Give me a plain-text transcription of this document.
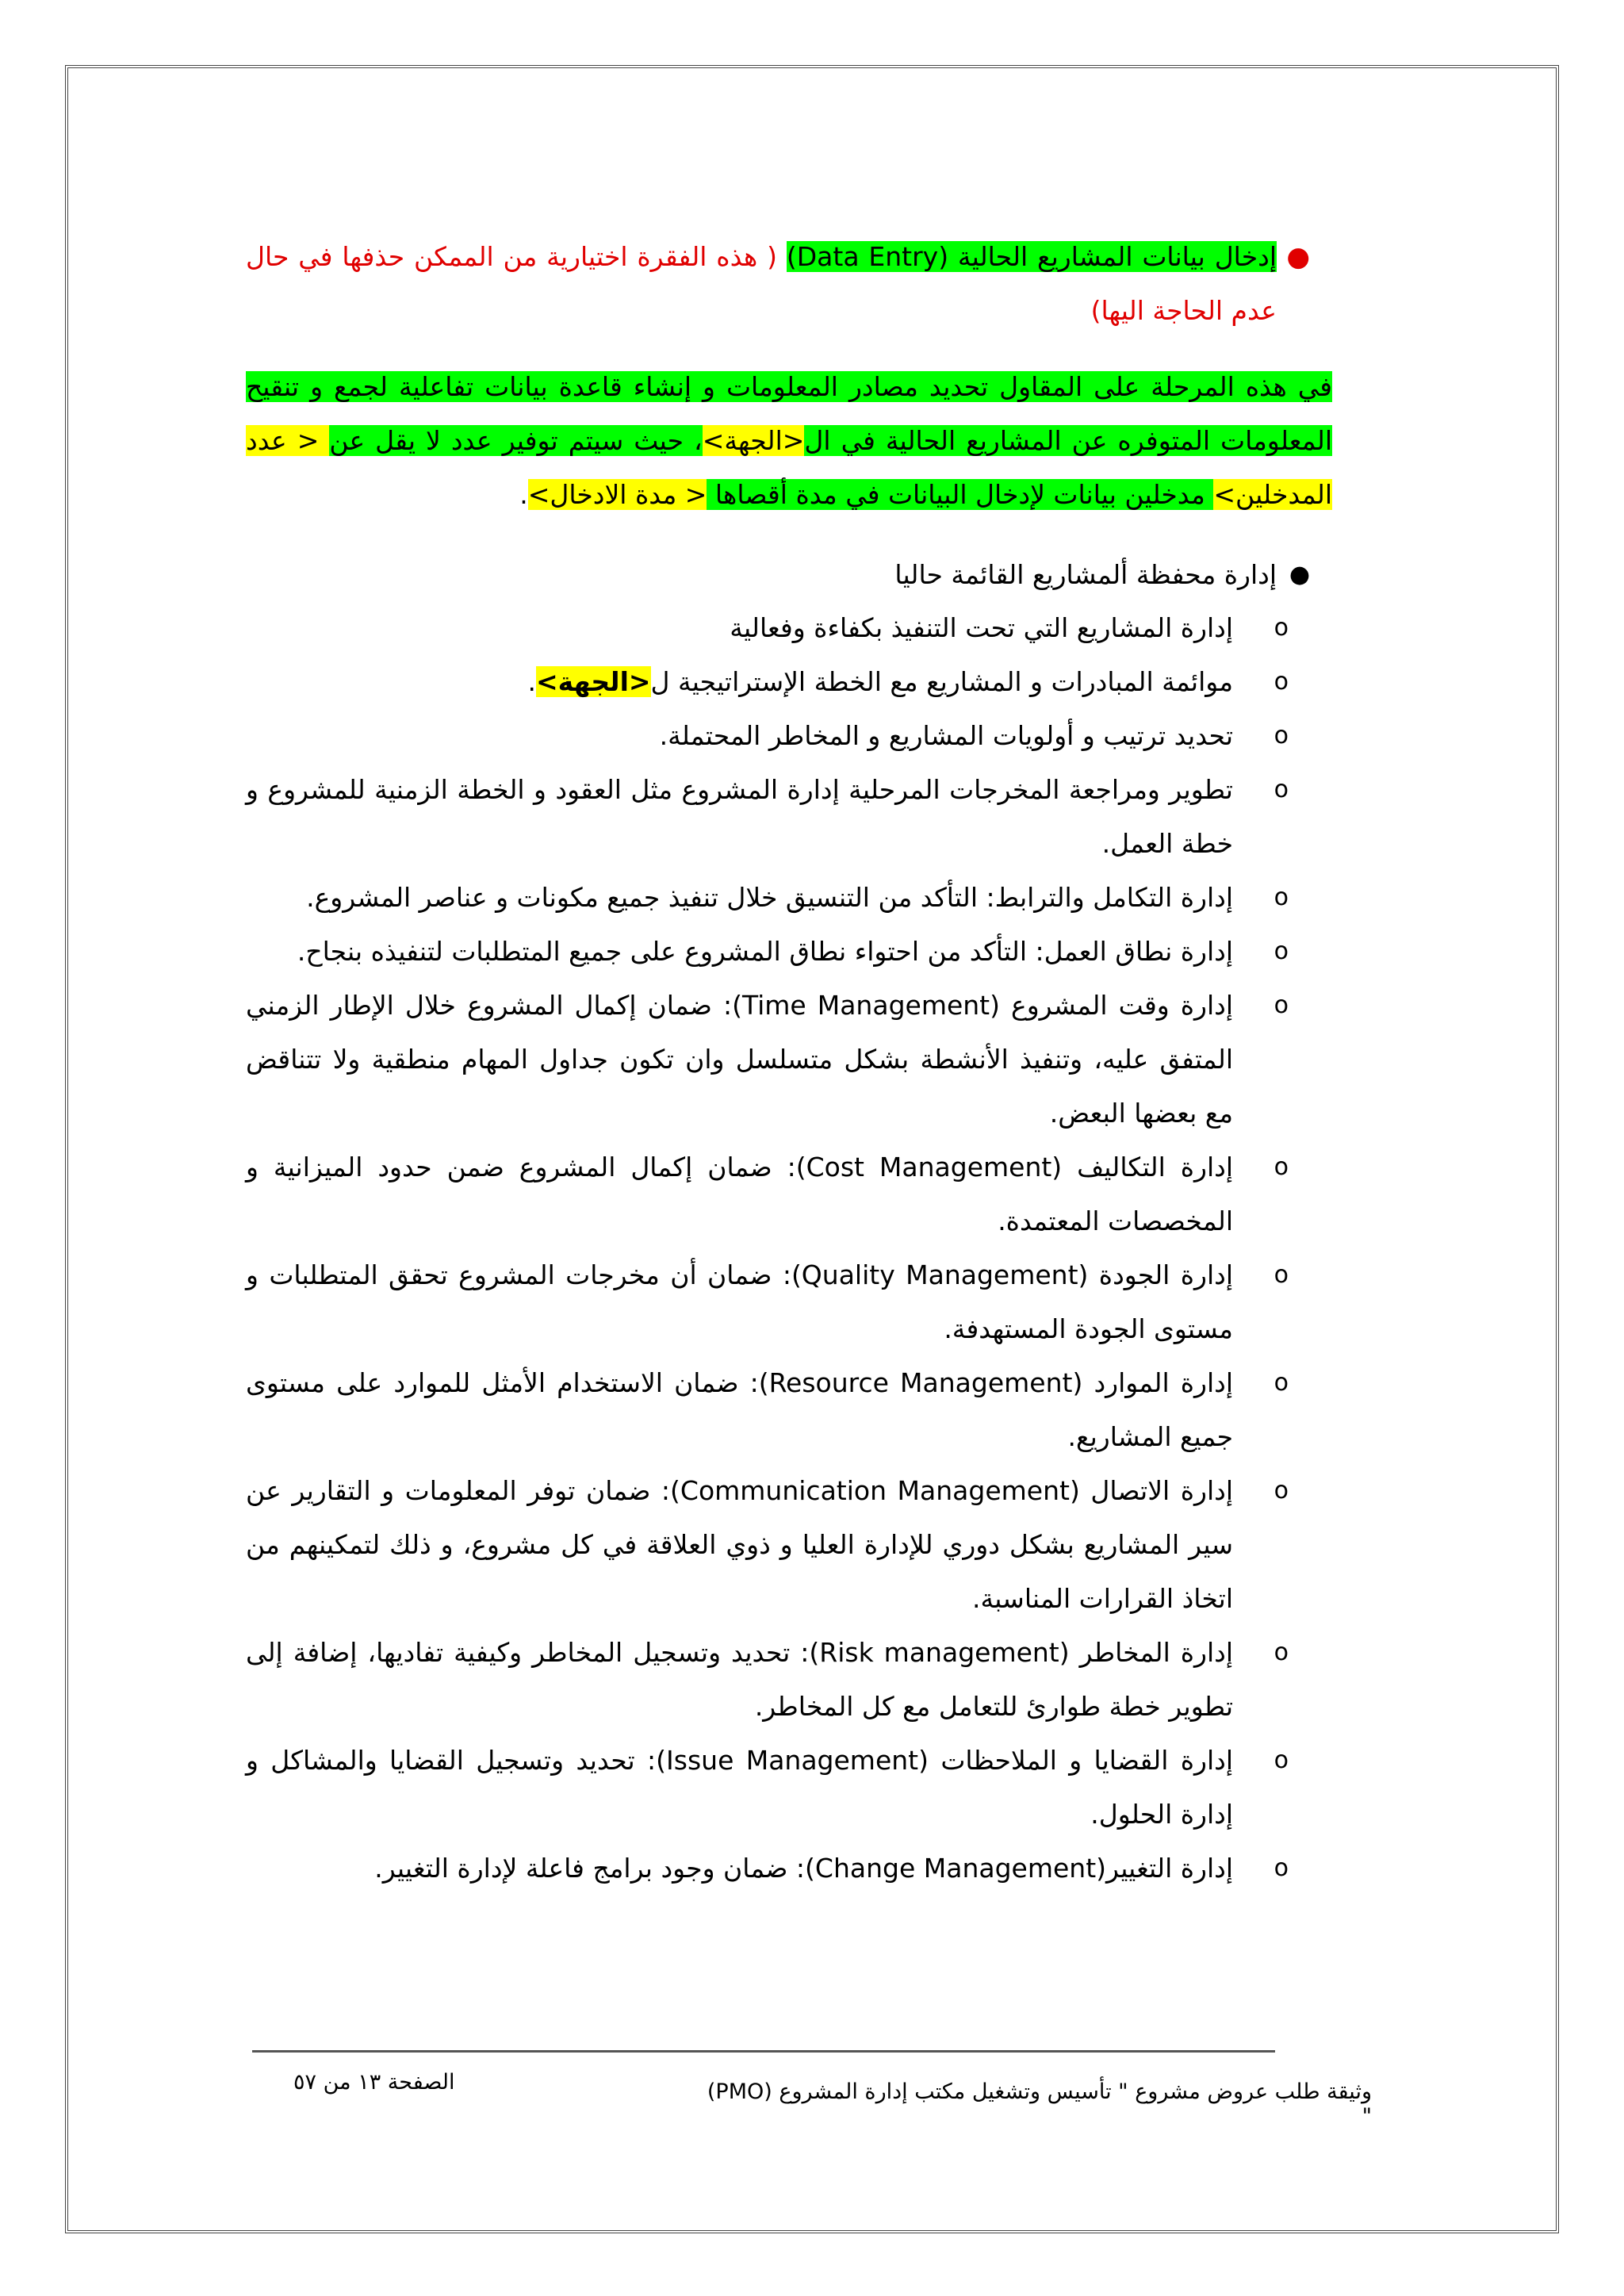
●
إدخال بيانات المشاريع الحالية (Data Entry) ( هذه الفقرة اختيارية من الممكن حذفها في حال عدم الحاجة اليها)
في هذه المرحلة على المقاول تحديد مصادر المعلومات و إنشاء قاعدة بيانات تفاعلية لجمع و تنقيح المعلومات المتوفره عن المشاريع الحالية في ال<الجهة>، حيث سيتم توفير عدد لا يقل عن < عدد المدخلين> مدخلين بيانات لإدخال البيانات في مدة أقصاها < مدة الادخال>.
●
إدارة محفظة ألمشاريع القائمة حاليا
o
إدارة المشاريع التي تحت التنفيذ بكفاءة وفعالية
o
موائمة المبادرات و المشاريع مع الخطة الإستراتيجية ل<الجهة>.
o
تحديد ترتيب و أولويات المشاريع و المخاطر المحتملة.
o
تطوير ومراجعة المخرجات المرحلية إدارة المشروع مثل العقود و الخطة الزمنية للمشروع و خطة العمل.
o
إدارة التكامل والترابط: التأكد من التنسيق خلال تنفيذ جميع مكونات و عناصر المشروع.
o
إدارة نطاق العمل: التأكد من احتواء نطاق المشروع على جميع المتطلبات لتنفيذه بنجاح.
o
إدارة وقت المشروع (Time Management): ضمان إكمال المشروع خلال الإطار الزمني المتفق عليه، وتنفيذ الأنشطة بشكل متسلسل وان تكون جداول المهام منطقية ولا تتناقض مع بعضها البعض.
o
إدارة التكاليف (Cost Management): ضمان إكمال المشروع ضمن حدود الميزانية و المخصصات المعتمدة.
o
إدارة الجودة (Quality Management): ضمان أن مخرجات المشروع تحقق المتطلبات و مستوى الجودة المستهدفة.
o
إدارة الموارد (Resource Management): ضمان الاستخدام الأمثل للموارد على مستوى جميع المشاريع.
o
إدارة الاتصال (Communication Management): ضمان توفر المعلومات و التقارير عن سير المشاريع بشكل دوري للإدارة العليا و ذوي العلاقة في كل مشروع، و ذلك لتمكينهم من اتخاذ القرارات المناسبة.
o
إدارة المخاطر (Risk management): تحديد وتسجيل المخاطر وكيفية تفاديها، إضافة إلى تطوير خطة طوارئ للتعامل مع كل المخاطر.
o
إدارة القضايا و الملاحظات (Issue Management): تحديد وتسجيل القضايا والمشاكل و إدارة الحلول.
o
إدارة التغيير(Change Management): ضمان وجود برامج فاعلة لإدارة التغيير.
الصفحة ١٣ من ٥٧	وثيقة طلب عروض مشروع " تأسيس وتشغيل مكتب إدارة المشروع (PMO) "
